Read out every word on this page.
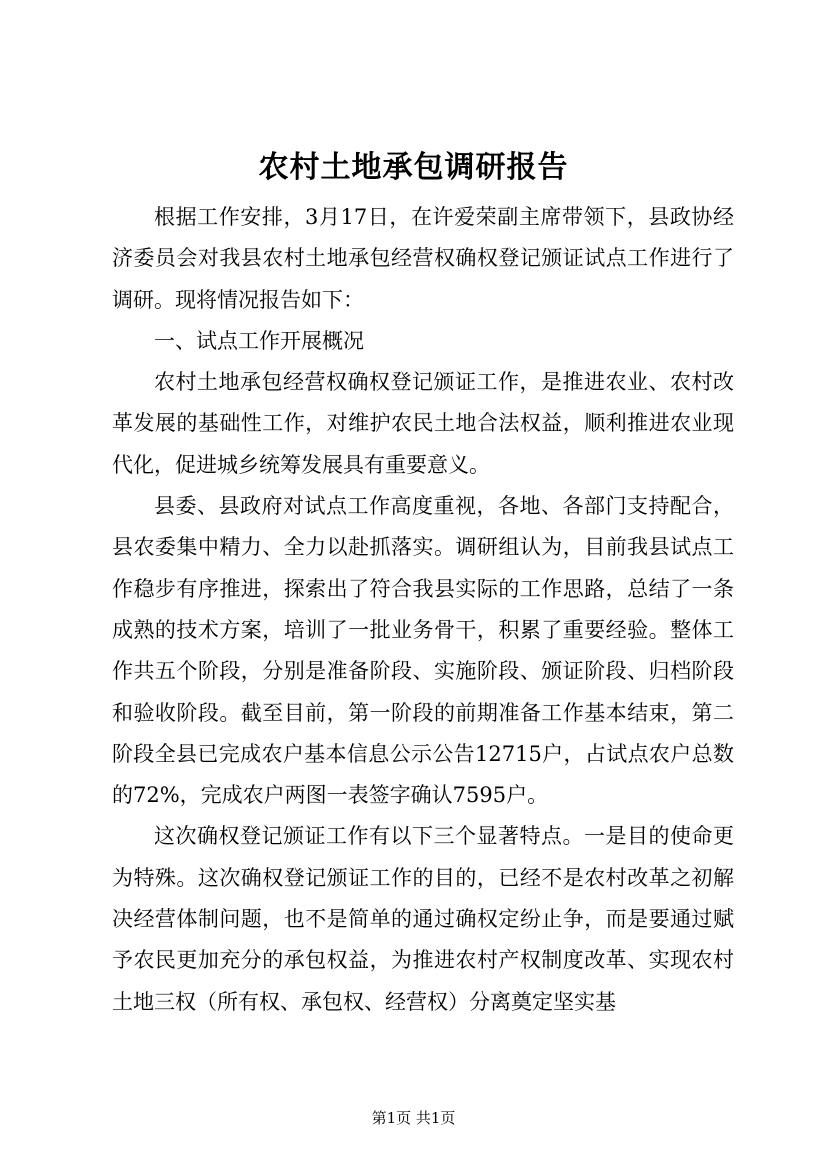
农村土地承包调研报告

根据工作安排，3月17日，在许爱荣副主席带领下，县政协经济委员会对我县农村土地承包经营权确权登记颁证试点工作进行了调研。现将情况报告如下：

一、试点工作开展概况

农村土地承包经营权确权登记颁证工作，是推进农业、农村改革发展的基础性工作，对维护农民土地合法权益，顺利推进农业现代化，促进城乡统筹发展具有重要意义。

县委、县政府对试点工作高度重视，各地、各部门支持配合，县农委集中精力、全力以赴抓落实。调研组认为，目前我县试点工作稳步有序推进，探索出了符合我县实际的工作思路，总结了一条成熟的技术方案，培训了一批业务骨干，积累了重要经验。整体工作共五个阶段，分别是准备阶段、实施阶段、颁证阶段、归档阶段和验收阶段。截至目前，第一阶段的前期准备工作基本结束，第二阶段全县已完成农户基本信息公示公告12715户，占试点农户总数的72%，完成农户两图一表签字确认7595户。

这次确权登记颁证工作有以下三个显著特点。一是目的使命更为特殊。这次确权登记颁证工作的目的，已经不是农村改革之初解决经营体制问题，也不是简单的通过确权定纷止争，而是要通过赋予农民更加充分的承包权益，为推进农村产权制度改革、实现农村土地三权（所有权、承包权、经营权）分离奠定坚实基

第1页 共1页
